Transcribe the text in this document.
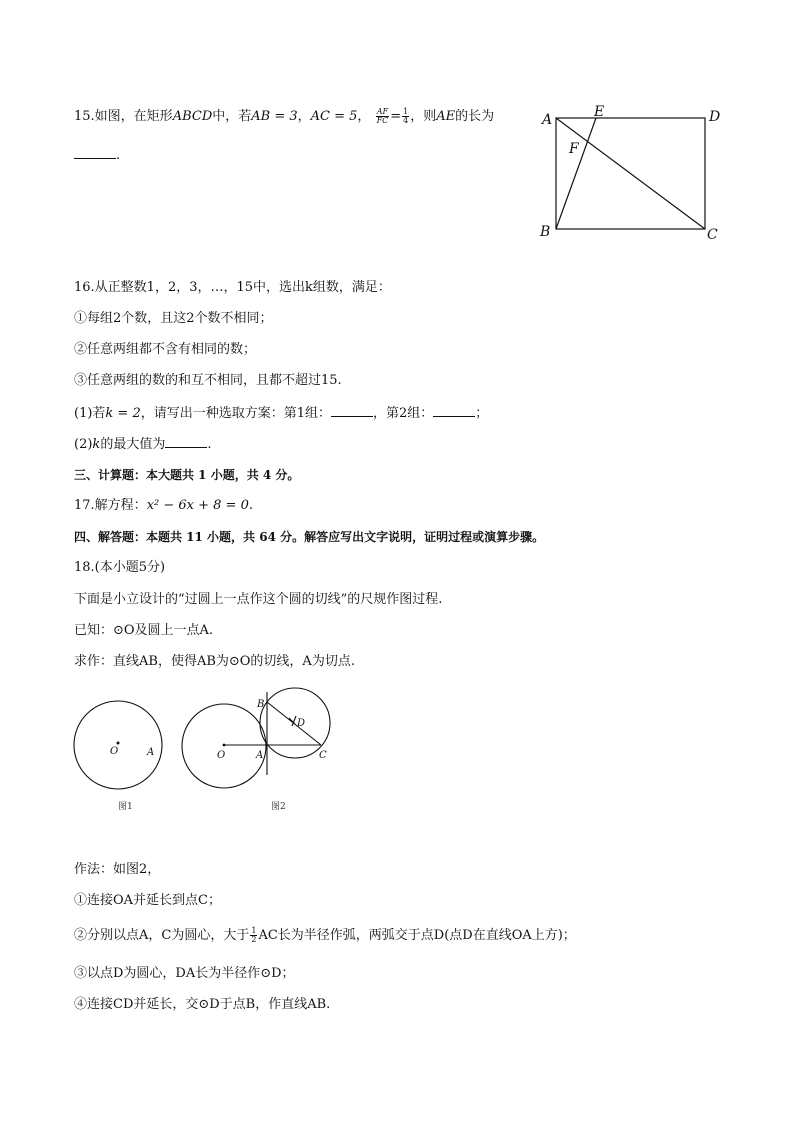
15.如图，在矩形ABCD中，若AB = 3，AC = 5， $\frac{AF}{FC} = \frac{1}{4}$ ，则AE的长为
.
A	E	D
F
B	C
16.从正整数1，2，3，…，15中，选出k组数，满足：
①每组2个数，且这2个数不相同；
②任意两组都不含有相同的数；
③任意两组的数的和互不相同，且都不超过15.
(1)若k = 2，请写出一种选取方案：第1组：	，第2组：	；
(2)k的最大值为	.
三、计算题：本大题共 1 小题，共 4 分。
17.解方程：x² − 6x + 8 = 0.
四、解答题：本题共 11 小题，共 64 分。解答应写出文字说明，证明过程或演算步骤。
18.(本小题5分)
下面是小立设计的“过圆上一点作这个圆的切线”的尺规作图过程.
已知：⊙O及圆上一点A.
求作：直线AB，使得AB为⊙O的切线，A为切点.
O	A
图1
B
D
O	A	C
图2
作法：如图2，
①连接OA并延长到点C；
②分别以点A，C为圆心，大于 $\frac{1}{2}$ AC长为半径作弧，两弧交于点D(点D在直线OA上方)；
③以点D为圆心，DA长为半径作⊙D；
④连接CD并延长，交⊙D于点B，作直线AB.
